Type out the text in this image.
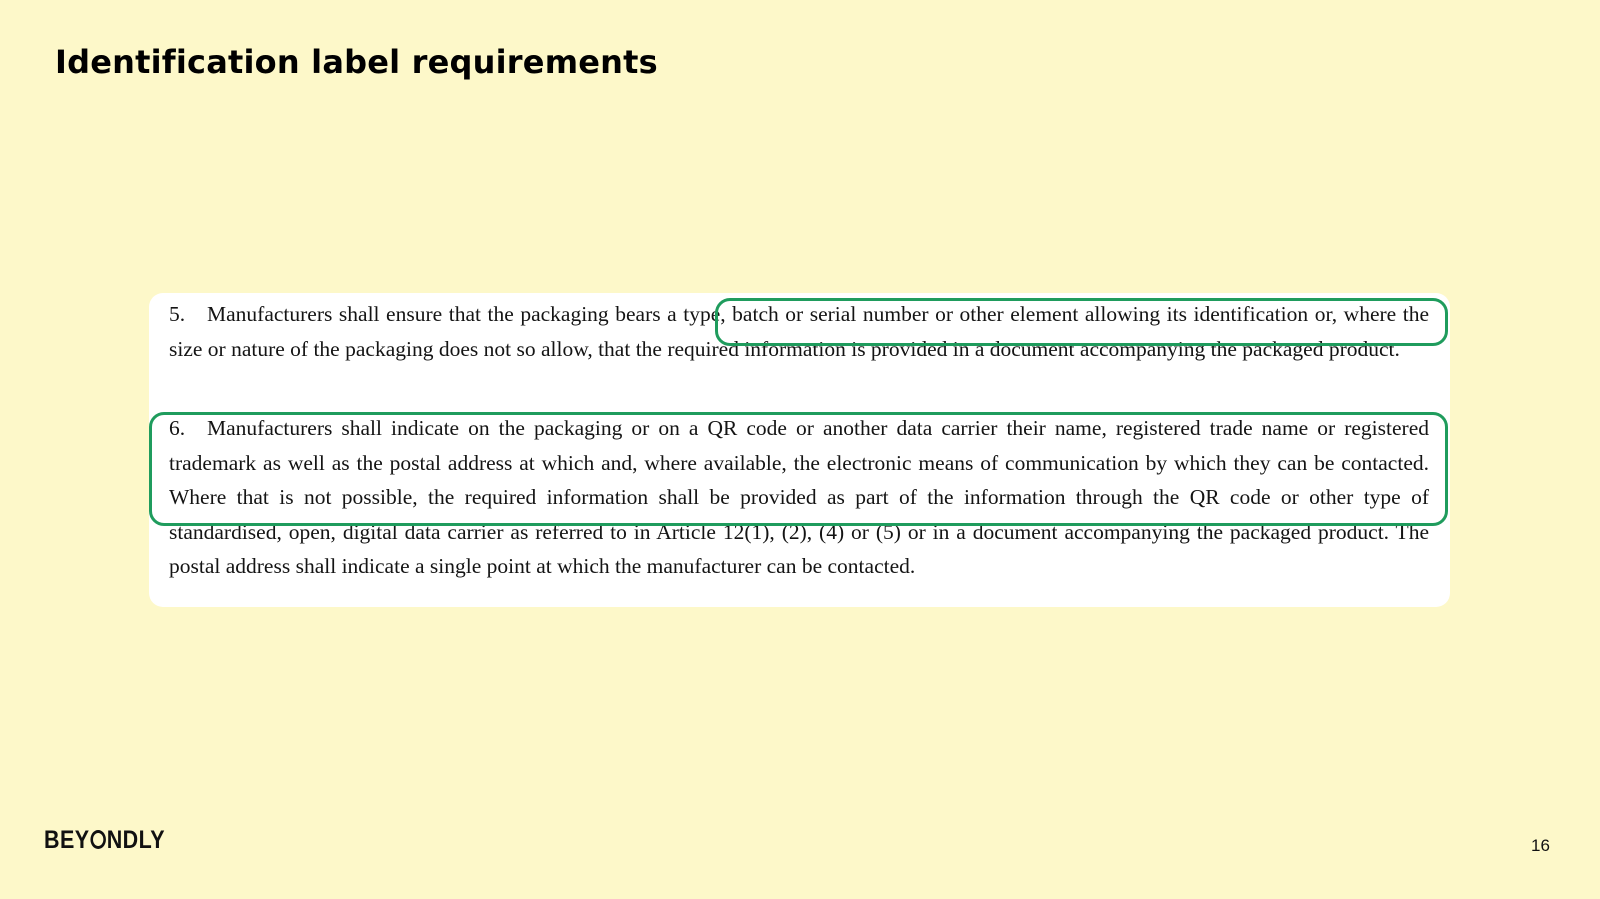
Identification label requirements

5. Manufacturers shall ensure that the packaging bears a type, batch or serial number or other element allowing its identification or, where the size or nature of the packaging does not so allow, that the required information is provided in a document accompanying the packaged product.

6. Manufacturers shall indicate on the packaging or on a QR code or another data carrier their name, registered trade name or registered trademark as well as the postal address at which and, where available, the electronic means of communication by which they can be contacted. Where that is not possible, the required information shall be provided as part of the information through the QR code or other type of standardised, open, digital data carrier as referred to in Article 12(1), (2), (4) or (5) or in a document accompanying the packaged product. The postal address shall indicate a single point at which the manufacturer can be contacted.

BEY NDLY	16
